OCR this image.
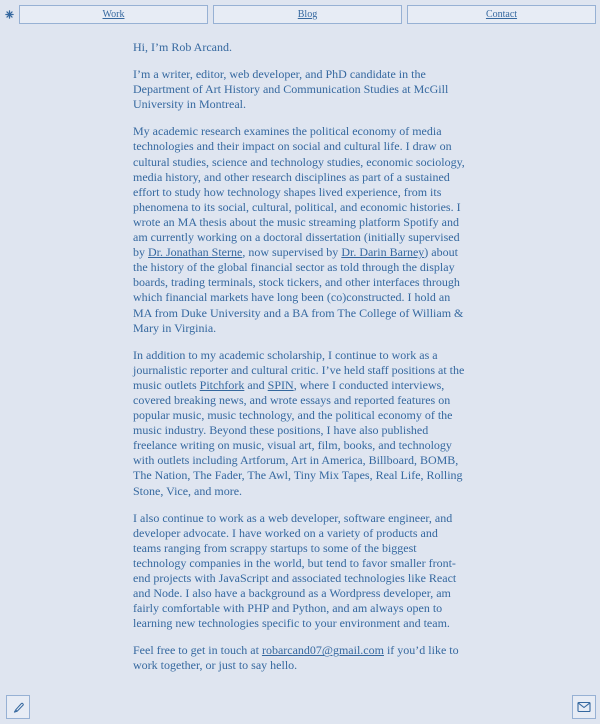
Work	Blog	Contact

Hi, I’m Rob Arcand.

I’m a writer, editor, web developer, and PhD candidate in the Department of Art History and Communication Studies at McGill University in Montreal.

My academic research examines the political economy of media technologies and their impact on social and cultural life. I draw on cultural studies, science and technology studies, economic sociology, media history, and other research disciplines as part of a sustained effort to study how technology shapes lived experience, from its phenomena to its social, cultural, political, and economic histories. I wrote an MA thesis about the music streaming platform Spotify and am currently working on a doctoral dissertation (initially supervised by Dr. Jonathan Sterne, now supervised by Dr. Darin Barney) about the history of the global financial sector as told through the display boards, trading terminals, stock tickers, and other interfaces through which financial markets have long been (co)constructed. I hold an MA from Duke University and a BA from The College of William & Mary in Virginia.

In addition to my academic scholarship, I continue to work as a journalistic reporter and cultural critic. I’ve held staff positions at the music outlets Pitchfork and SPIN, where I conducted interviews, covered breaking news, and wrote essays and reported features on popular music, music technology, and the political economy of the music industry. Beyond these positions, I have also published freelance writing on music, visual art, film, books, and technology with outlets including Artforum, Art in America, Billboard, BOMB, The Nation, The Fader, The Awl, Tiny Mix Tapes, Real Life, Rolling Stone, Vice, and more.

I also continue to work as a web developer, software engineer, and developer advocate. I have worked on a variety of products and teams ranging from scrappy startups to some of the biggest technology companies in the world, but tend to favor smaller front-end projects with JavaScript and associated technologies like React and Node. I also have a background as a Wordpress developer, am fairly comfortable with PHP and Python, and am always open to learning new technologies specific to your environment and team.

Feel free to get in touch at robarcand07@gmail.com if you’d like to work together, or just to say hello.
